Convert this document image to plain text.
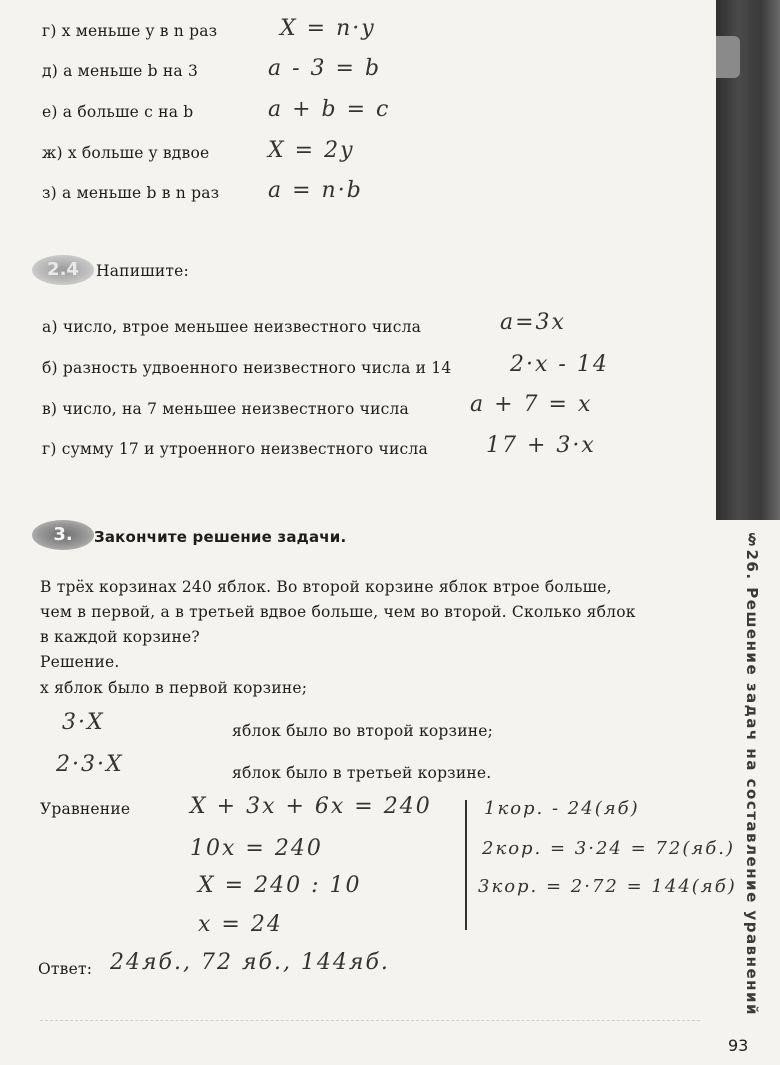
г) x меньше y в n раз	X = n·y
д) a меньше b на 3	a - 3 = b
е) a больше c на b	a + b = c
ж) x больше y вдвое	X = 2y
з) a меньше b в n раз a = n·b
2.4	Напишите:
а) число, втрое меньшее неизвестного числа	a=3x
б) разность удвоенного неизвестного числа и 14	2·x - 14
в) число, на 7 меньшее неизвестного числа	a + 7 = x
г) сумму 17 и утроенного неизвестного числа	17 + 3·x
3.	Закончите решение задачи.
В трёх корзинах 240 яблок. Во второй корзине яблок втрое больше,
чем в первой, а в третьей вдвое больше, чем во второй. Сколько яблок
в каждой корзине?
Решение.
x яблок было в первой корзине;
3·X	яблок было во второй корзине;
2·3·X	яблок было в третьей корзине.
Уравнение	X + 3x + 6x = 240
10x = 240
X = 240 : 10
x = 24
1кор. - 24(яб)
2кор. = 3·24 = 72(яб.)
3кор. = 2·72 = 144(яб)
Ответ: 24яб., 72 яб., 144яб.	§26. Решение задач на составление уравнений
93
